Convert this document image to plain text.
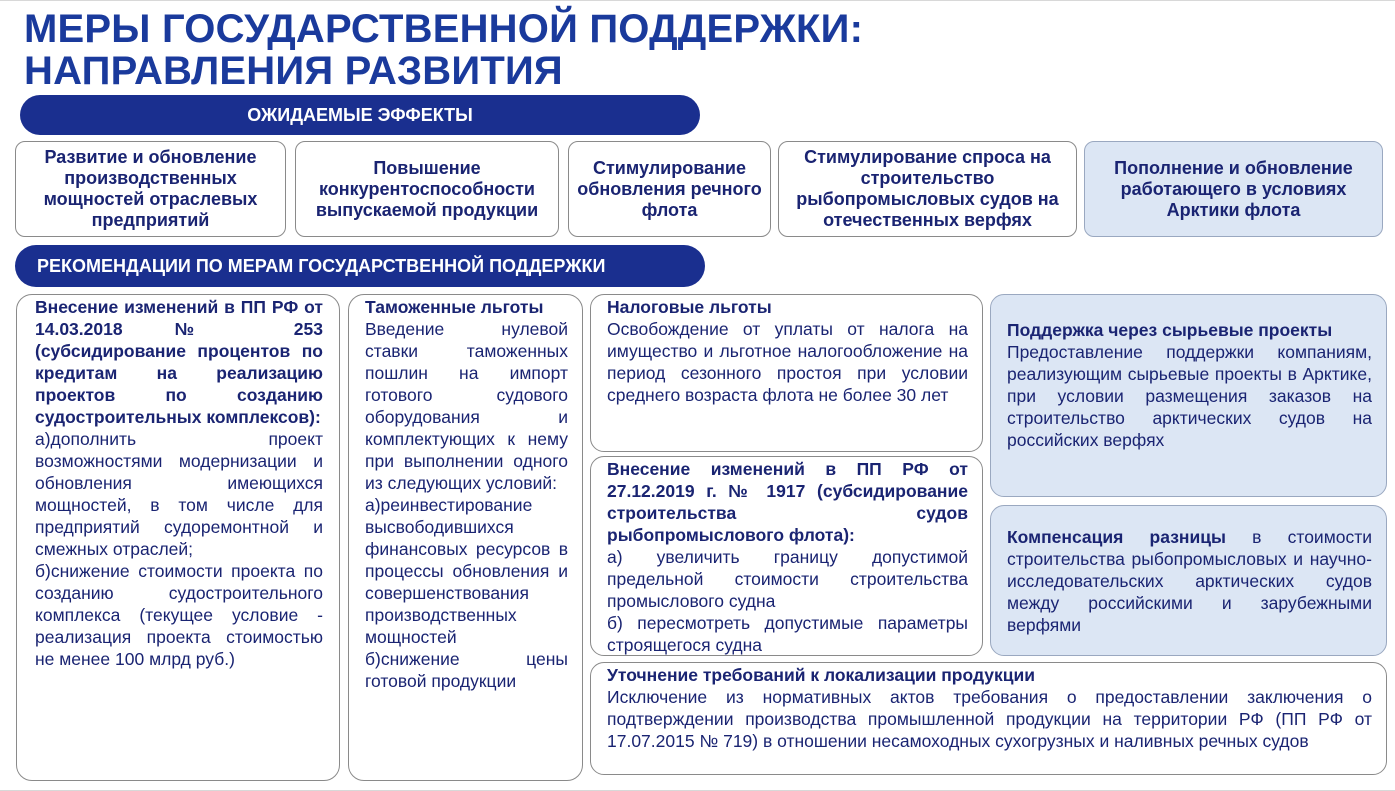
МЕРЫ ГОСУДАРСТВЕННОЙ ПОДДЕРЖКИ:
НАПРАВЛЕНИЯ РАЗВИТИЯ
ОЖИДАЕМЫЕ ЭФФЕКТЫ
Развитие и обновление производственных мощностей отраслевых предприятий
Повышение конкурентоспособности выпускаемой продукции
Стимулирование обновления речного флота
Стимулирование спроса на строительство рыбопромысловых судов на отечественных верфях
Пополнение и обновление работающего в условиях Арктики флота
РЕКОМЕНДАЦИИ ПО МЕРАМ ГОСУДАРСТВЕННОЙ ПОДДЕРЖКИ

Внесение изменений в ПП РФ от 14.03.2018 № 253 (субсидирование процентов по кредитам на реализацию проектов по созданию судостроительных комплексов):

а)дополнить проект возможностями модернизации и обновления имеющихся мощностей, в том числе для предприятий судоремонтной и смежных отраслей;

б)снижение стоимости проекта по созданию судостроительного комплекса (текущее условие - реализация проекта стоимостью не менее 100 млрд руб.)

Таможенные льготы

Введение нулевой ставки таможенных пошлин на импорт готового судового оборудования и комплектующих к нему при выполнении одного из следующих условий:

а)реинвестирование высвободившихся финансовых ресурсов в процессы обновления и совершенствования производственных мощностей

б)снижение цены готовой продукции

Налоговые льготы

Освобождение от уплаты от налога на имущество и льготное налогообложение на период сезонного простоя при условии среднего возраста флота не более 30 лет

Внесение изменений в ПП РФ от 27.12.2019 г. № 1917 (субсидирование строительства судов рыбопромыслового флота):

а) увеличить границу допустимой предельной стоимости строительства промыслового судна

б) пересмотреть допустимые параметры строящегося судна

Поддержка через сырьевые проекты

Предоставление поддержки компаниям, реализующим сырьевые проекты в Арктике, при условии размещения заказов на строительство арктических судов на российских верфях

Компенсация разницы в стоимости строительства рыбопромысловых и научно-исследовательских арктических судов между российскими и зарубежными верфями

Уточнение требований к локализации продукции

Исключение из нормативных актов требования о предоставлении заключения о подтверждении производства промышленной продукции на территории РФ (ПП РФ от 17.07.2015 № 719) в отношении несамоходных сухогрузных и наливных речных судов
